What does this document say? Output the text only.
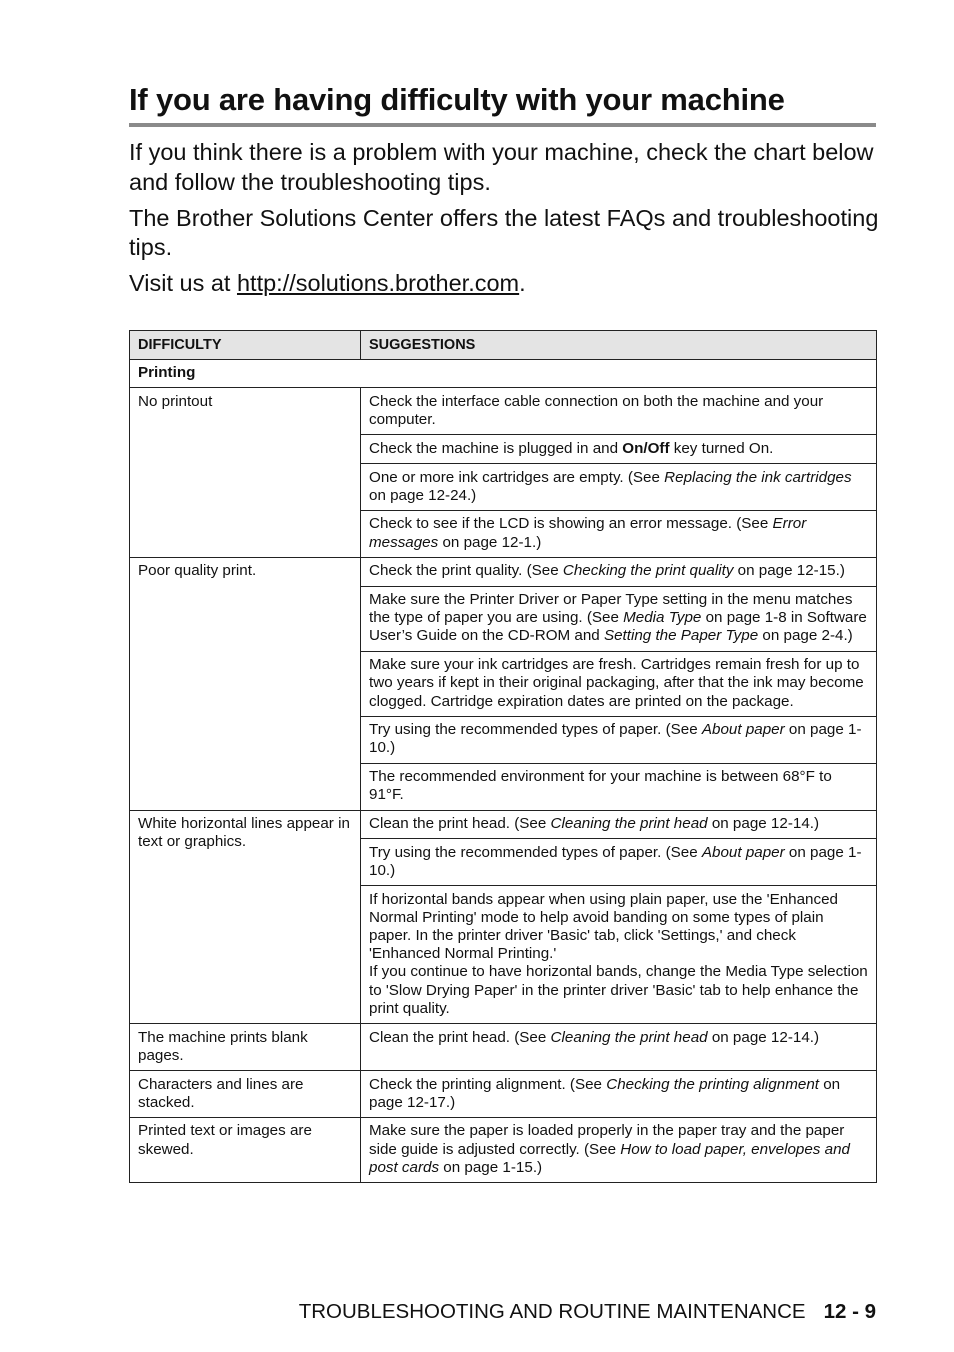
If you are having difficulty with your machine

If you think there is a problem with your machine, check the chart below and follow the troubleshooting tips.

The Brother Solutions Center offers the latest FAQs and troubleshooting tips.

Visit us at http://solutions.brother.com.

DIFFICULTY	SUGGESTIONS
Printing	
No printout	Check the interface cable connection on both the machine and your computer.
	Check the machine is plugged in and On/Off key turned On.
	One or more ink cartridges are empty. (See Replacing the ink cartridges on page 12-24.)
	Check to see if the LCD is showing an error message. (See Error messages on page 12-1.)
Poor quality print.	Check the print quality. (See Checking the print quality on page 12-15.)
	Make sure the Printer Driver or Paper Type setting in the menu matches the type of paper you are using. (See Media Type on page 1-8 in Software User’s Guide on the CD-ROM and Setting the Paper Type on page 2-4.)
	Make sure your ink cartridges are fresh. Cartridges remain fresh for up to two years if kept in their original packaging, after that the ink may become clogged. Cartridge expiration dates are printed on the package.
	Try using the recommended types of paper. (See About paper on page 1-10.)
	The recommended environment for your machine is between 68°F to 91°F.
White horizontal lines appear in text or graphics.	Clean the print head. (See Cleaning the print head on page 12-14.)
	Try using the recommended types of paper. (See About paper on page 1-10.)
	If horizontal bands appear when using plain paper, use the 'Enhanced Normal Printing' mode to help avoid banding on some types of plain paper. In the printer driver 'Basic' tab, click 'Settings,' and check 'Enhanced Normal Printing.'
If you continue to have horizontal bands, change the Media Type selection to 'Slow Drying Paper' in the printer driver 'Basic' tab to help enhance the print quality.
The machine prints blank pages.	Clean the print head. (See Cleaning the print head on page 12-14.)
Characters and lines are stacked.	Check the printing alignment. (See Checking the printing alignment on page 12-17.)
Printed text or images are skewed.	Make sure the paper is loaded properly in the paper tray and the paper side guide is adjusted correctly. (See How to load paper, envelopes and post cards on page 1-15.)
TROUBLESHOOTING AND ROUTINE MAINTENANCE 12 - 9
